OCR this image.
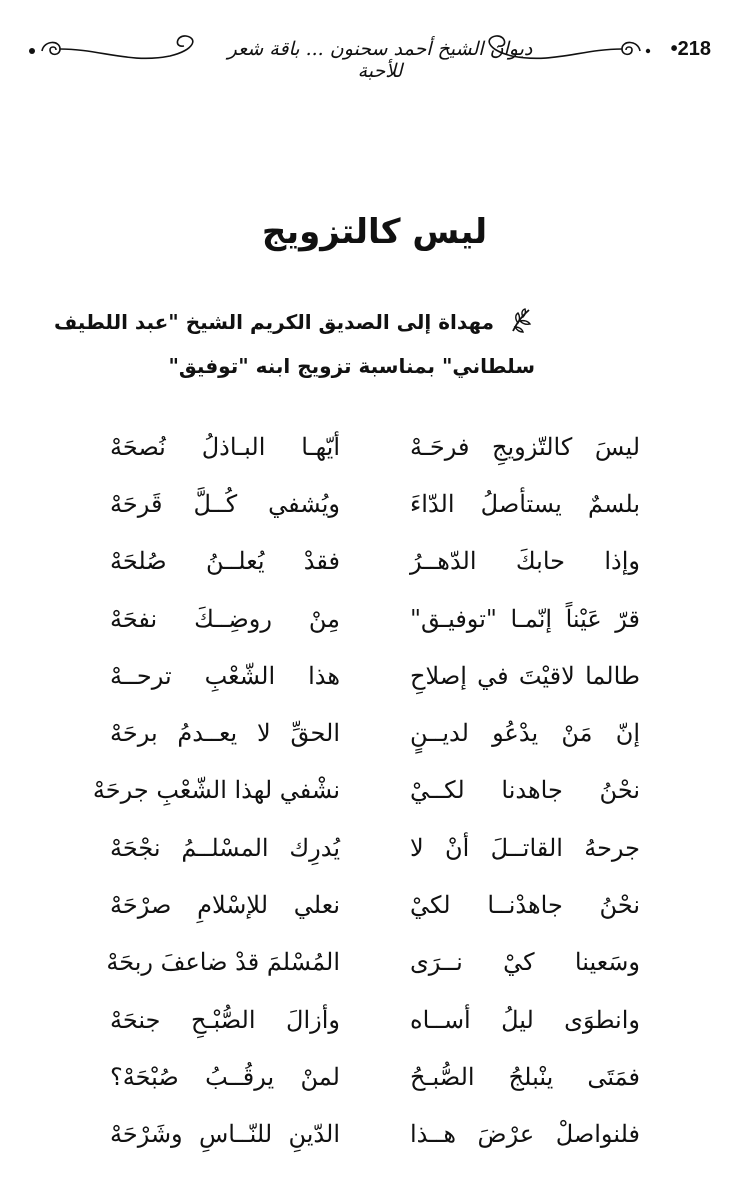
ديوان الشيخ أحمد سحنون ... باقة شعر للأحبة
•218
ليس كالتزويج
مهداة إلى الصديق الكريم الشيخ "عبد اللطيف
سلطاني" بمناسبة تزويج ابنه "توفيق"
ليسَ كالتّزويجِ فرحَـهْ
أيّهـا البـاذلُ نُصحَهْ
بلسمٌ يستأصلُ الدّاءَ
ويُشفي كُــلَّ قَرحَهْ
وإذا حابكَ الدّهــرُ
فقدْ يُعلــنُ صُلحَهْ
قرّ عَيْناً إنّمـا "توفيـق"
مِنْ روضِــكَ نفحَهْ
طالما لاقيْتَ في إصلاحِ
هذا الشّعْبِ ترحــهْ
إنّ مَنْ يدْعُو لديــنٍ
الحقِّ لا يعــدمُ برحَهْ
نحْنُ جاهدنا لكــيْ
نشْفي لهذا الشّعْبِ جرحَهْ
جرحهُ القاتــلَ أنْ لا
يُدرِك المسْلــمُ نجْحَهْ
نحْنُ جاهدْنــا لكيْ
نعلي للإسْلامِ صرْحَهْ
وسَعينا كيْ نــرَى
المُسْلمَ قدْ ضاعفَ ربحَهْ
وانطوَى ليلُ أســاه
وأزالَ الصُّبْـحِ جنحَهْ
فمَتَى ينْبلجُ الصُّبـحُ
لمنْ يرقُــبُ صُبْحَهْ؟
فلنواصلْ عرْضَ هــذا
الدّينِ للنّــاسِ وشَرْحَهْ
